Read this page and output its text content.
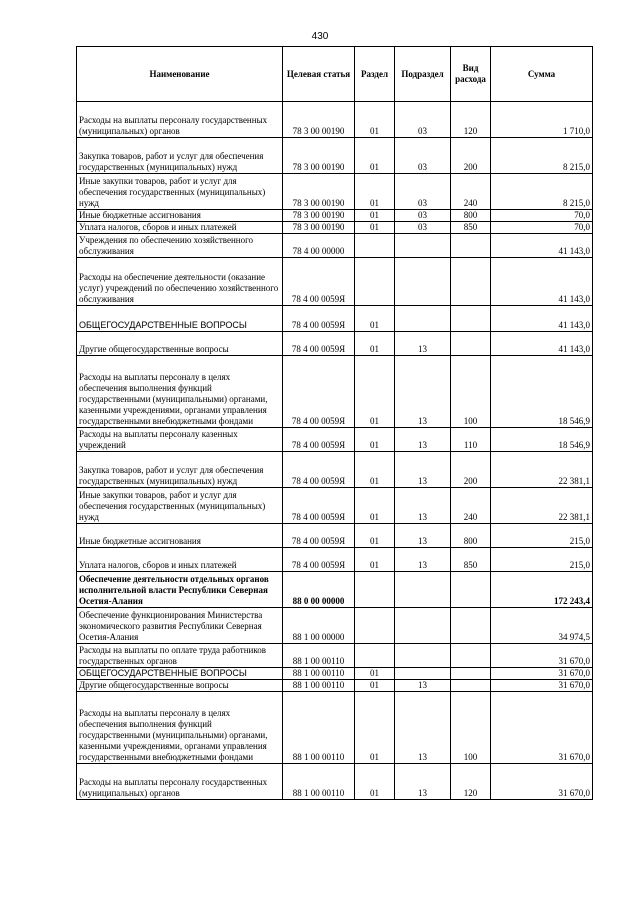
430
Наименование	Целевая статья	Раздел	Подраздел	Вид расхода	Сумма
Расходы на выплаты персоналу государственных (муниципальных) органов	78 3 00 00190	01	03	120	1 710,0
Закупка товаров, работ и услуг для обеспечения государственных (муниципальных) нужд	78 3 00 00190	01	03	200	8 215,0
Иные закупки товаров, работ и услуг для обеспечения государственных (муниципальных) нужд	78 3 00 00190	01	03	240	8 215,0
Иные бюджетные ассигнования	78 3 00 00190	01	03	800	70,0
Уплата налогов, сборов и иных платежей	78 3 00 00190	01	03	850	70,0
Учреждения по обеспечению хозяйственного обслуживания	78 4 00 00000				41 143,0
Расходы на обеспечение деятельности (оказание услуг) учреждений по обеспечению хозяйственного обслуживания	78 4 00 0059Я				41 143,0
ОБЩЕГОСУДАРСТВЕННЫЕ ВОПРОСЫ	78 4 00 0059Я	01			41 143,0
Другие общегосударственные вопросы	78 4 00 0059Я	01	13		41 143,0
Расходы на выплаты персоналу в целях обеспечения выполнения функций государственными (муниципальными) органами, казенными учреждениями, органами управления государственными внебюджетными фондами	78 4 00 0059Я	01	13	100	18 546,9
Расходы на выплаты персоналу казенных учреждений	78 4 00 0059Я	01	13	110	18 546,9
Закупка товаров, работ и услуг для обеспечения государственных (муниципальных) нужд	78 4 00 0059Я	01	13	200	22 381,1
Иные закупки товаров, работ и услуг для обеспечения государственных (муниципальных) нужд	78 4 00 0059Я	01	13	240	22 381,1
Иные бюджетные ассигнования	78 4 00 0059Я	01	13	800	215,0
Уплата налогов, сборов и иных платежей	78 4 00 0059Я	01	13	850	215,0
Обеспечение деятельности отдельных органов исполнительной власти Республики Северная Осетия-Алания	88 0 00 00000				172 243,4
Обеспечение функционирования Министерства экономического развития Республики Северная Осетия-Алания	88 1 00 00000				34 974,5
Расходы на выплаты по оплате труда работников государственных органов	88 1 00 00110				31 670,0
ОБЩЕГОСУДАРСТВЕННЫЕ ВОПРОСЫ	88 1 00 00110	01			31 670,0
Другие общегосударственные вопросы	88 1 00 00110	01	13		31 670,0
Расходы на выплаты персоналу в целях обеспечения выполнения функций государственными (муниципальными) органами, казенными учреждениями, органами управления государственными внебюджетными фондами	88 1 00 00110	01	13	100	31 670,0
Расходы на выплаты персоналу государственных (муниципальных) органов	88 1 00 00110	01	13	120	31 670,0
